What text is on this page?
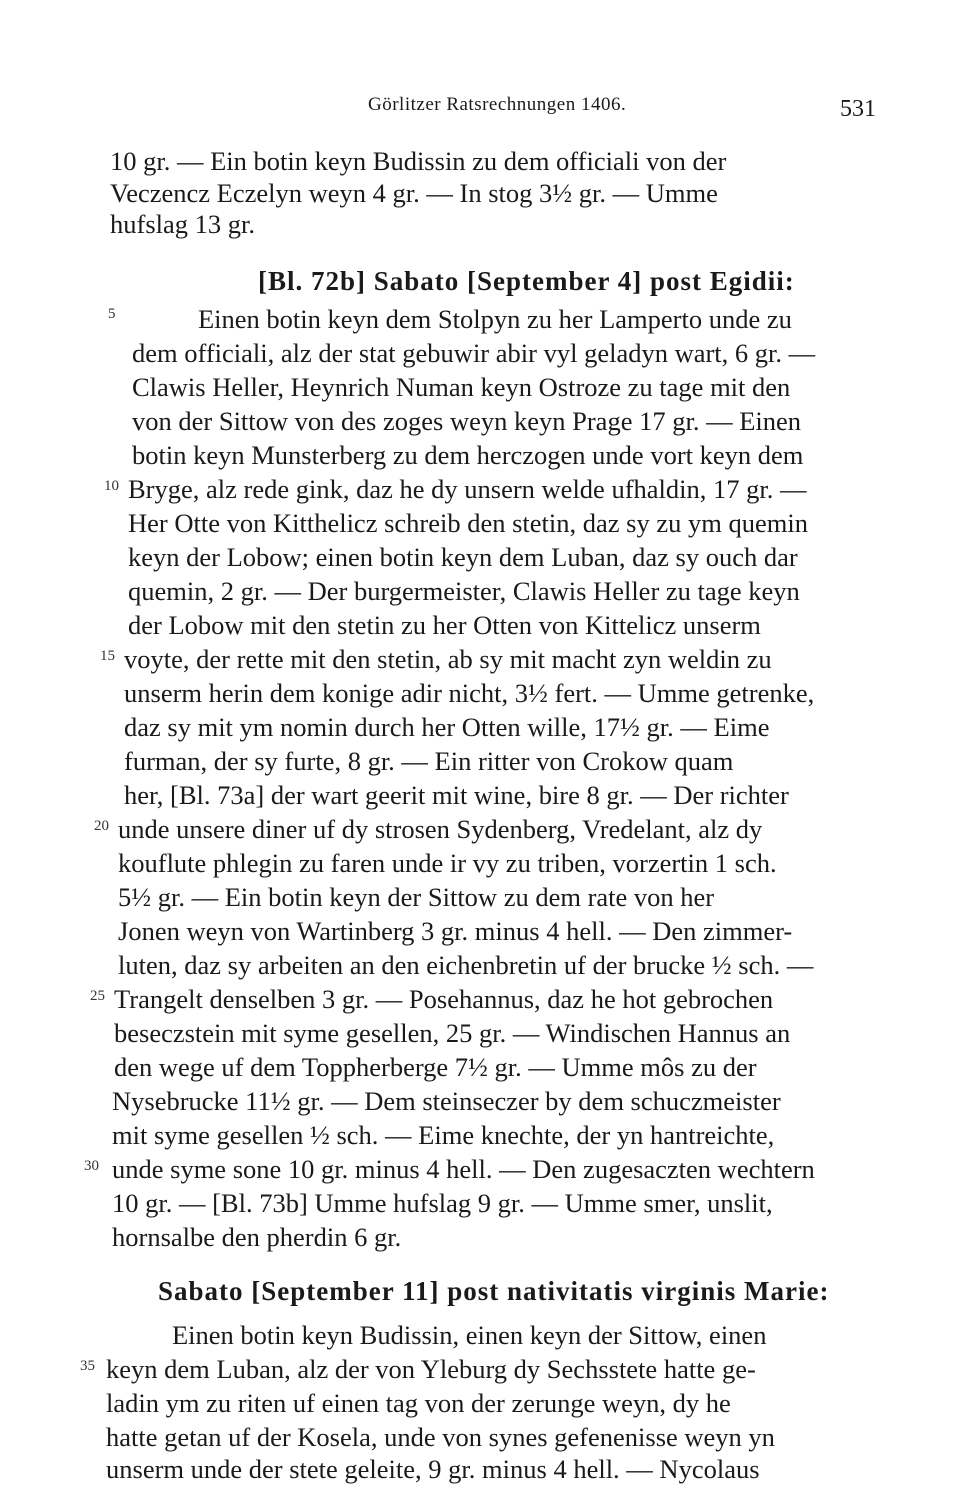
Görlitzer Ratsrechnungen 1406.	531
10 gr. — Ein botin keyn Budissin zu dem officiali von der
Veczencz Eczelyn weyn 4 gr. — In stog 3½ gr. — Umme
hufslag 13 gr.
[Bl. 72b] Sabato [September 4] post Egidii:
5	Einen botin keyn dem Stolpyn zu her Lamperto unde zu
dem officiali, alz der stat gebuwir abir vyl geladyn wart, 6 gr. —
Clawis Heller, Heynrich Numan keyn Ostroze zu tage mit den
von der Sittow von des zoges weyn keyn Prage 17 gr. — Einen
botin keyn Munsterberg zu dem herczogen unde vort keyn dem
10 Bryge, alz rede gink, daz he dy unsern welde ufhaldin, 17 gr. —
Her Otte von Kitthelicz schreib den stetin, daz sy zu ym quemin
keyn der Lobow; einen botin keyn dem Luban, daz sy ouch dar
quemin, 2 gr. — Der burgermeister, Clawis Heller zu tage keyn
der Lobow mit den stetin zu her Otten von Kittelicz unserm
15 voyte, der rette mit den stetin, ab sy mit macht zyn weldin zu
unserm herin dem konige adir nicht, 3½ fert. — Umme getrenke,
daz sy mit ym nomin durch her Otten wille, 17½ gr. — Eime
furman, der sy furte, 8 gr. — Ein ritter von Crokow quam
her, [Bl. 73a] der wart geerit mit wine, bire 8 gr. — Der richter
20 unde unsere diner uf dy strosen Sydenberg, Vredelant, alz dy
kouflute phlegin zu faren unde ir vy zu triben, vorzertin 1 sch.
5½ gr. — Ein botin keyn der Sittow zu dem rate von her
Jonen weyn von Wartinberg 3 gr. minus 4 hell. — Den zimmer-
luten, daz sy arbeiten an den eichenbretin uf der brucke ½ sch. —
25 Trangelt denselben 3 gr. — Posehannus, daz he hot gebrochen
beseczstein mit syme gesellen, 25 gr. — Windischen Hannus an
den wege uf dem Toppherberge 7½ gr. — Umme môs zu der
Nysebrucke 11½ gr. — Dem steinseczer by dem schuczmeister
mit syme gesellen ½ sch. — Eime knechte, der yn hantreichte,
30 unde syme sone 10 gr. minus 4 hell. — Den zugesaczten wechtern
10 gr. — [Bl. 73b] Umme hufslag 9 gr. — Umme smer, unslit,
hornsalbe den pherdin 6 gr.
Sabato [September 11] post nativitatis virginis Marie:
Einen botin keyn Budissin, einen keyn der Sittow, einen
35 keyn dem Luban, alz der von Yleburg dy Sechsstete hatte ge-
ladin ym zu riten uf einen tag von der zerunge weyn, dy he
hatte getan uf der Kosela, unde von synes gefenenisse weyn yn
unserm unde der stete geleite, 9 gr. minus 4 hell. — Nycolaus
